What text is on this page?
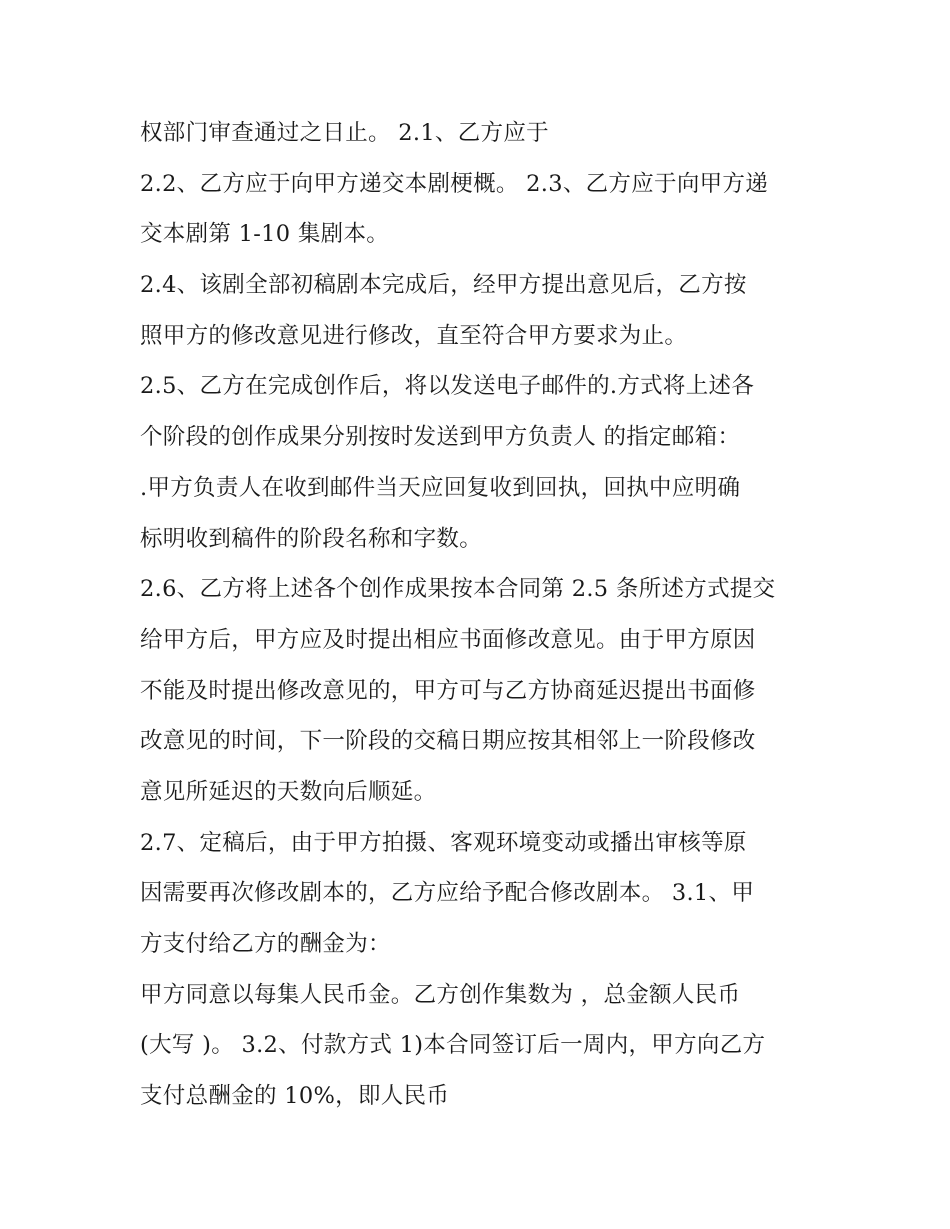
权部门审查通过之日止。 2.1、乙方应于
2.2、乙方应于向甲方递交本剧梗概。 2.3、乙方应于向甲方递
交本剧第 1-10 集剧本。
2.4、该剧全部初稿剧本完成后，经甲方提出意见后，乙方按
照甲方的修改意见进行修改，直至符合甲方要求为止。
2.5、乙方在完成创作后，将以发送电子邮件的.方式将上述各
个阶段的创作成果分别按时发送到甲方负责人 的指定邮箱：
.甲方负责人在收到邮件当天应回复收到回执，回执中应明确
标明收到稿件的阶段名称和字数。
2.6、乙方将上述各个创作成果按本合同第 2.5 条所述方式提交
给甲方后，甲方应及时提出相应书面修改意见。由于甲方原因
不能及时提出修改意见的，甲方可与乙方协商延迟提出书面修
改意见的时间，下一阶段的交稿日期应按其相邻上一阶段修改
意见所延迟的天数向后顺延。
2.7、定稿后，由于甲方拍摄、客观环境变动或播出审核等原
因需要再次修改剧本的，乙方应给予配合修改剧本。 3.1、甲
方支付给乙方的酬金为：
甲方同意以每集人民币金。乙方创作集数为 ，总金额人民币
(大写 )。 3.2、付款方式 1)本合同签订后一周内，甲方向乙方
支付总酬金的 10%，即人民币
